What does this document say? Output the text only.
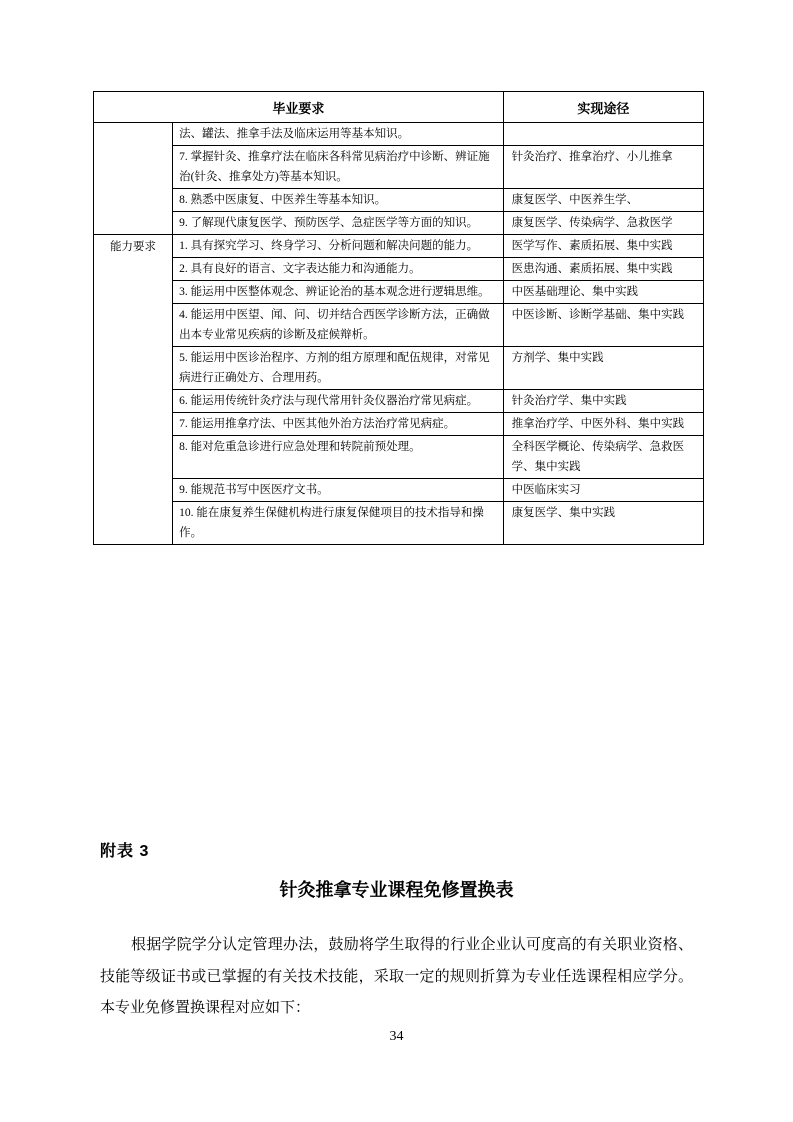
毕业要求		实现途径
	法、罐法、推拿手法及临床运用等基本知识。	
	7. 掌握针灸、推拿疗法在临床各科常见病治疗中诊断、辨证施治(针灸、推拿处方)等基本知识。	针灸治疗、推拿治疗、小儿推拿
	8. 熟悉中医康复、中医养生等基本知识。	康复医学、中医养生学、
	9. 了解现代康复医学、预防医学、急症医学等方面的知识。	康复医学、传染病学、急救医学
能力要求	1. 具有探究学习、终身学习、分析问题和解决问题的能力。	医学写作、素质拓展、集中实践
	2. 具有良好的语言、文字表达能力和沟通能力。	医患沟通、素质拓展、集中实践
	3. 能运用中医整体观念、辨证论治的基本观念进行逻辑思维。	中医基础理论、集中实践
	4. 能运用中医望、闻、问、切并结合西医学诊断方法，正确做出本专业常见疾病的诊断及症候辩析。	中医诊断、诊断学基础、集中实践
	5. 能运用中医诊治程序、方剂的组方原理和配伍规律，对常见病进行正确处方、合理用药。	方剂学、集中实践
	6. 能运用传统针灸疗法与现代常用针灸仪器治疗常见病症。	针灸治疗学、集中实践
	7. 能运用推拿疗法、中医其他外治方法治疗常见病症。	推拿治疗学、中医外科、集中实践
	8. 能对危重急诊进行应急处理和转院前预处理。	全科医学概论、传染病学、急救医学、集中实践
	9. 能规范书写中医医疗文书。	中医临床实习
	10. 能在康复养生保健机构进行康复保健项目的技术指导和操作。	康复医学、集中实践
附表 3
针灸推拿专业课程免修置换表

根据学院学分认定管理办法，鼓励将学生取得的行业企业认可度高的有关职业资格、技能等级证书或已掌握的有关技术技能，采取一定的规则折算为专业任选课程相应学分。本专业免修置换课程对应如下：

34
